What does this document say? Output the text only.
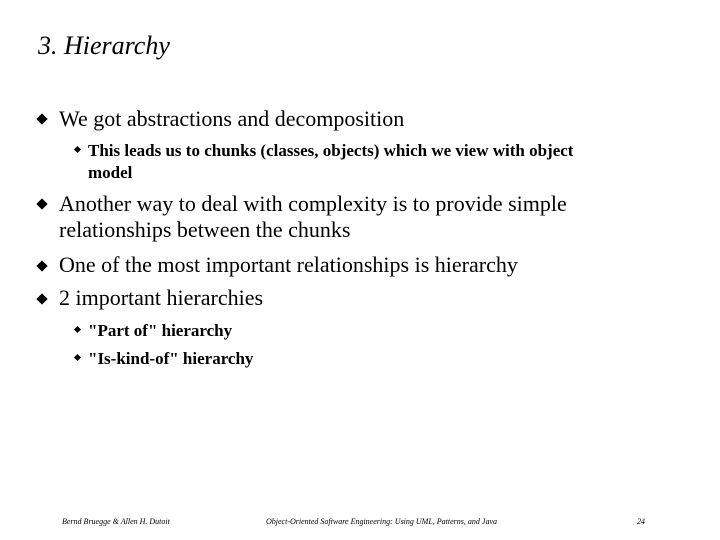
3. Hierarchy
We got abstractions and decomposition
This leads us to chunks (classes, objects) which we view with object
model
Another way to deal with complexity is to provide simple
relationships between the chunks
One of the most important relationships is hierarchy
2 important hierarchies
"Part of" hierarchy
"Is-kind-of" hierarchy
Bernd Bruegge & Allen H. Dutoit	Object-Oriented Software Engineering: Using UML, Patterns, and Java	24
